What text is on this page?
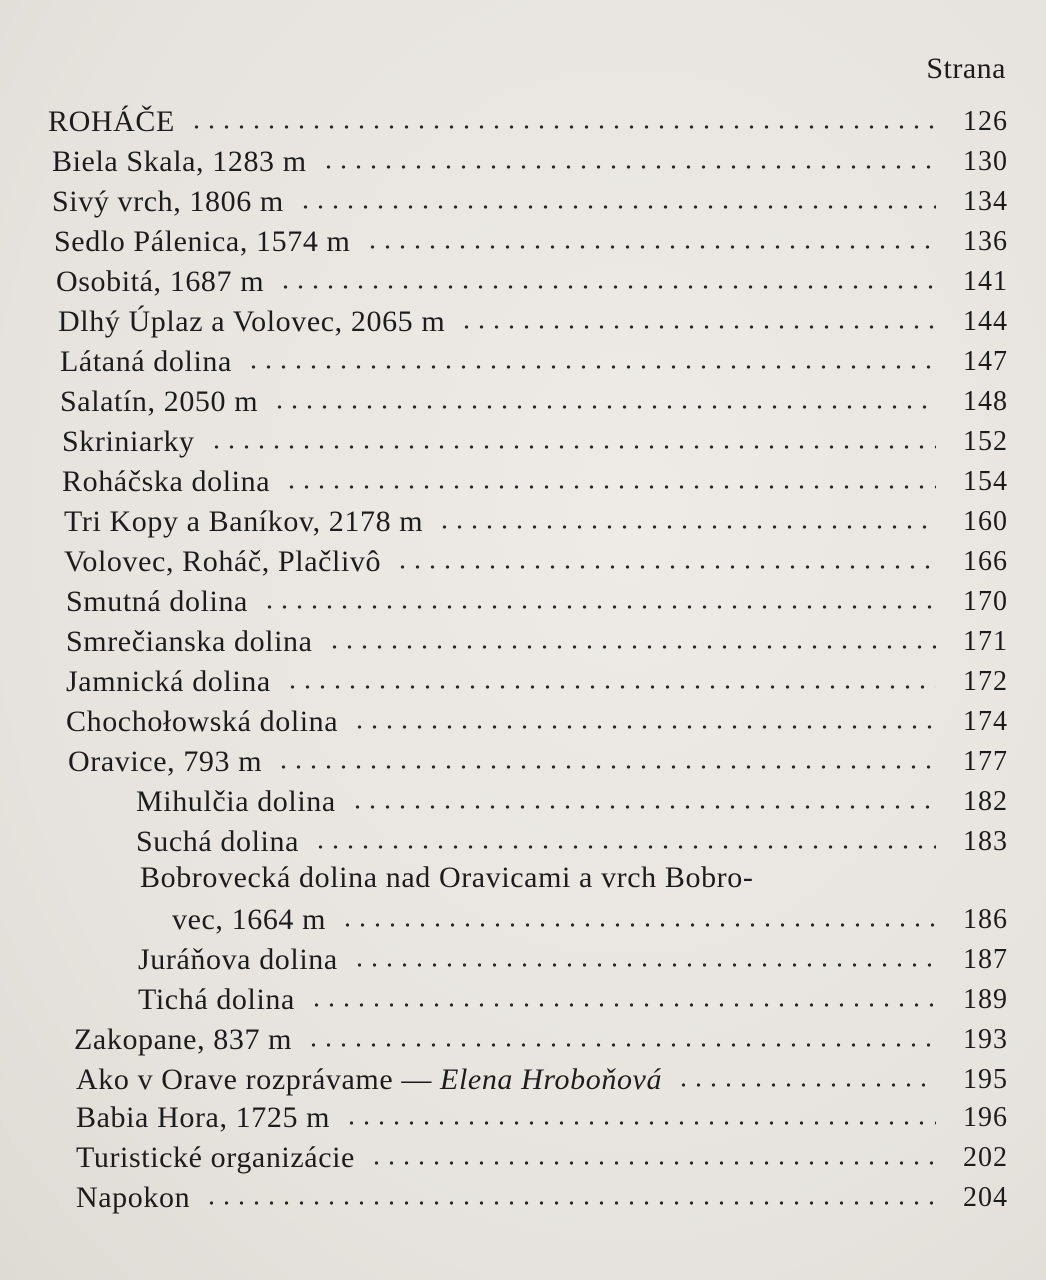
Strana
ROHÁČE	126
Biela Skala, 1283 m	130
Sivý vrch, 1806 m	134
Sedlo Pálenica, 1574 m	136
Osobitá, 1687 m	141
Dlhý Úplaz a Volovec, 2065 m	144
Látaná dolina	147
Salatín, 2050 m	148
Skriniarky	152
Roháčska dolina	154
Tri Kopy a Baníkov, 2178 m	160
Volovec, Roháč, Plačlivô	166
Smutná dolina	170
Smrečianska dolina	171
Jamnická dolina	172
Chochołowská dolina	174
Oravice, 793 m	177
Mihulčia dolina	182
Suchá dolina	183
Bobrovecká dolina nad Oravicami a vrch Bobro-
vec, 1664 m	186
Juráňova dolina	187
Tichá dolina	189
Zakopane, 837 m	193
Ako v Orave rozprávame — Elena Hroboňová	195
Babia Hora, 1725 m	196
Turistické organizácie	202
Napokon	204
